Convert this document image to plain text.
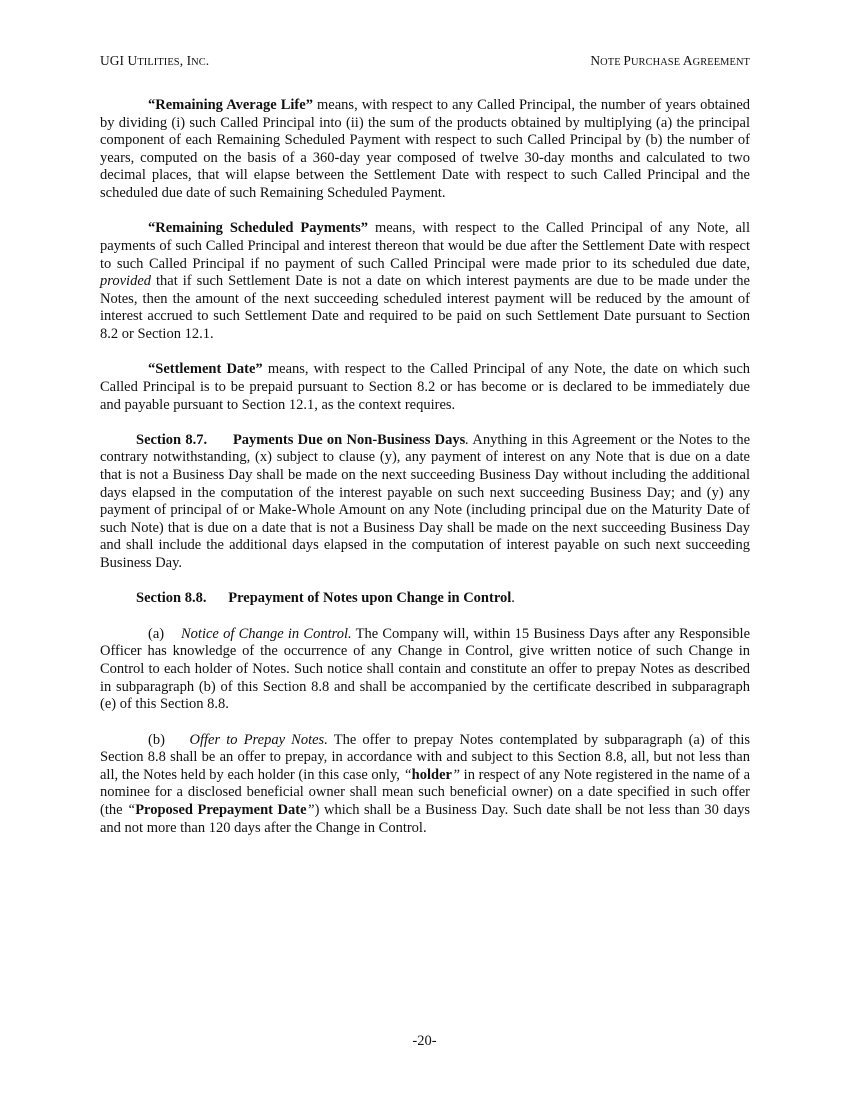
UGI UTILITIES, INC.	NOTE PURCHASE AGREEMENT

“Remaining Average Life” means, with respect to any Called Principal, the number of years obtained by dividing (i) such Called Principal into (ii) the sum of the products obtained by multiplying (a) the principal component of each Remaining Scheduled Payment with respect to such Called Principal by (b) the number of years, computed on the basis of a 360-day year composed of twelve 30-day months and calculated to two decimal places, that will elapse between the Settlement Date with respect to such Called Principal and the scheduled due date of such Remaining Scheduled Payment.

“Remaining Scheduled Payments” means, with respect to the Called Principal of any Note, all payments of such Called Principal and interest thereon that would be due after the Settlement Date with respect to such Called Principal if no payment of such Called Principal were made prior to its scheduled due date, provided that if such Settlement Date is not a date on which interest payments are due to be made under the Notes, then the amount of the next succeeding scheduled interest payment will be reduced by the amount of interest accrued to such Settlement Date and required to be paid on such Settlement Date pursuant to Section 8.2 or Section 12.1.

“Settlement Date” means, with respect to the Called Principal of any Note, the date on which such Called Principal is to be prepaid pursuant to Section 8.2 or has become or is declared to be immediately due and payable pursuant to Section 12.1, as the context requires.

Section 8.7. Payments Due on Non-Business Days. Anything in this Agreement or the Notes to the contrary notwithstanding, (x) subject to clause (y), any payment of interest on any Note that is due on a date that is not a Business Day shall be made on the next succeeding Business Day without including the additional days elapsed in the computation of the interest payable on such next succeeding Business Day; and (y) any payment of principal of or Make-Whole Amount on any Note (including principal due on the Maturity Date of such Note) that is due on a date that is not a Business Day shall be made on the next succeeding Business Day and shall include the additional days elapsed in the computation of interest payable on such next succeeding Business Day.

Section 8.8. Prepayment of Notes upon Change in Control.

(a) Notice of Change in Control. The Company will, within 15 Business Days after any Responsible Officer has knowledge of the occurrence of any Change in Control, give written notice of such Change in Control to each holder of Notes. Such notice shall contain and constitute an offer to prepay Notes as described in subparagraph (b) of this Section 8.8 and shall be accompanied by the certificate described in subparagraph (e) of this Section 8.8.

(b) Offer to Prepay Notes. The offer to prepay Notes contemplated by subparagraph (a) of this Section 8.8 shall be an offer to prepay, in accordance with and subject to this Section 8.8, all, but not less than all, the Notes held by each holder (in this case only, “holder” in respect of any Note registered in the name of a nominee for a disclosed beneficial owner shall mean such beneficial owner) on a date specified in such offer (the “Proposed Prepayment Date”) which shall be a Business Day. Such date shall be not less than 30 days and not more than 120 days after the Change in Control.

-20-
